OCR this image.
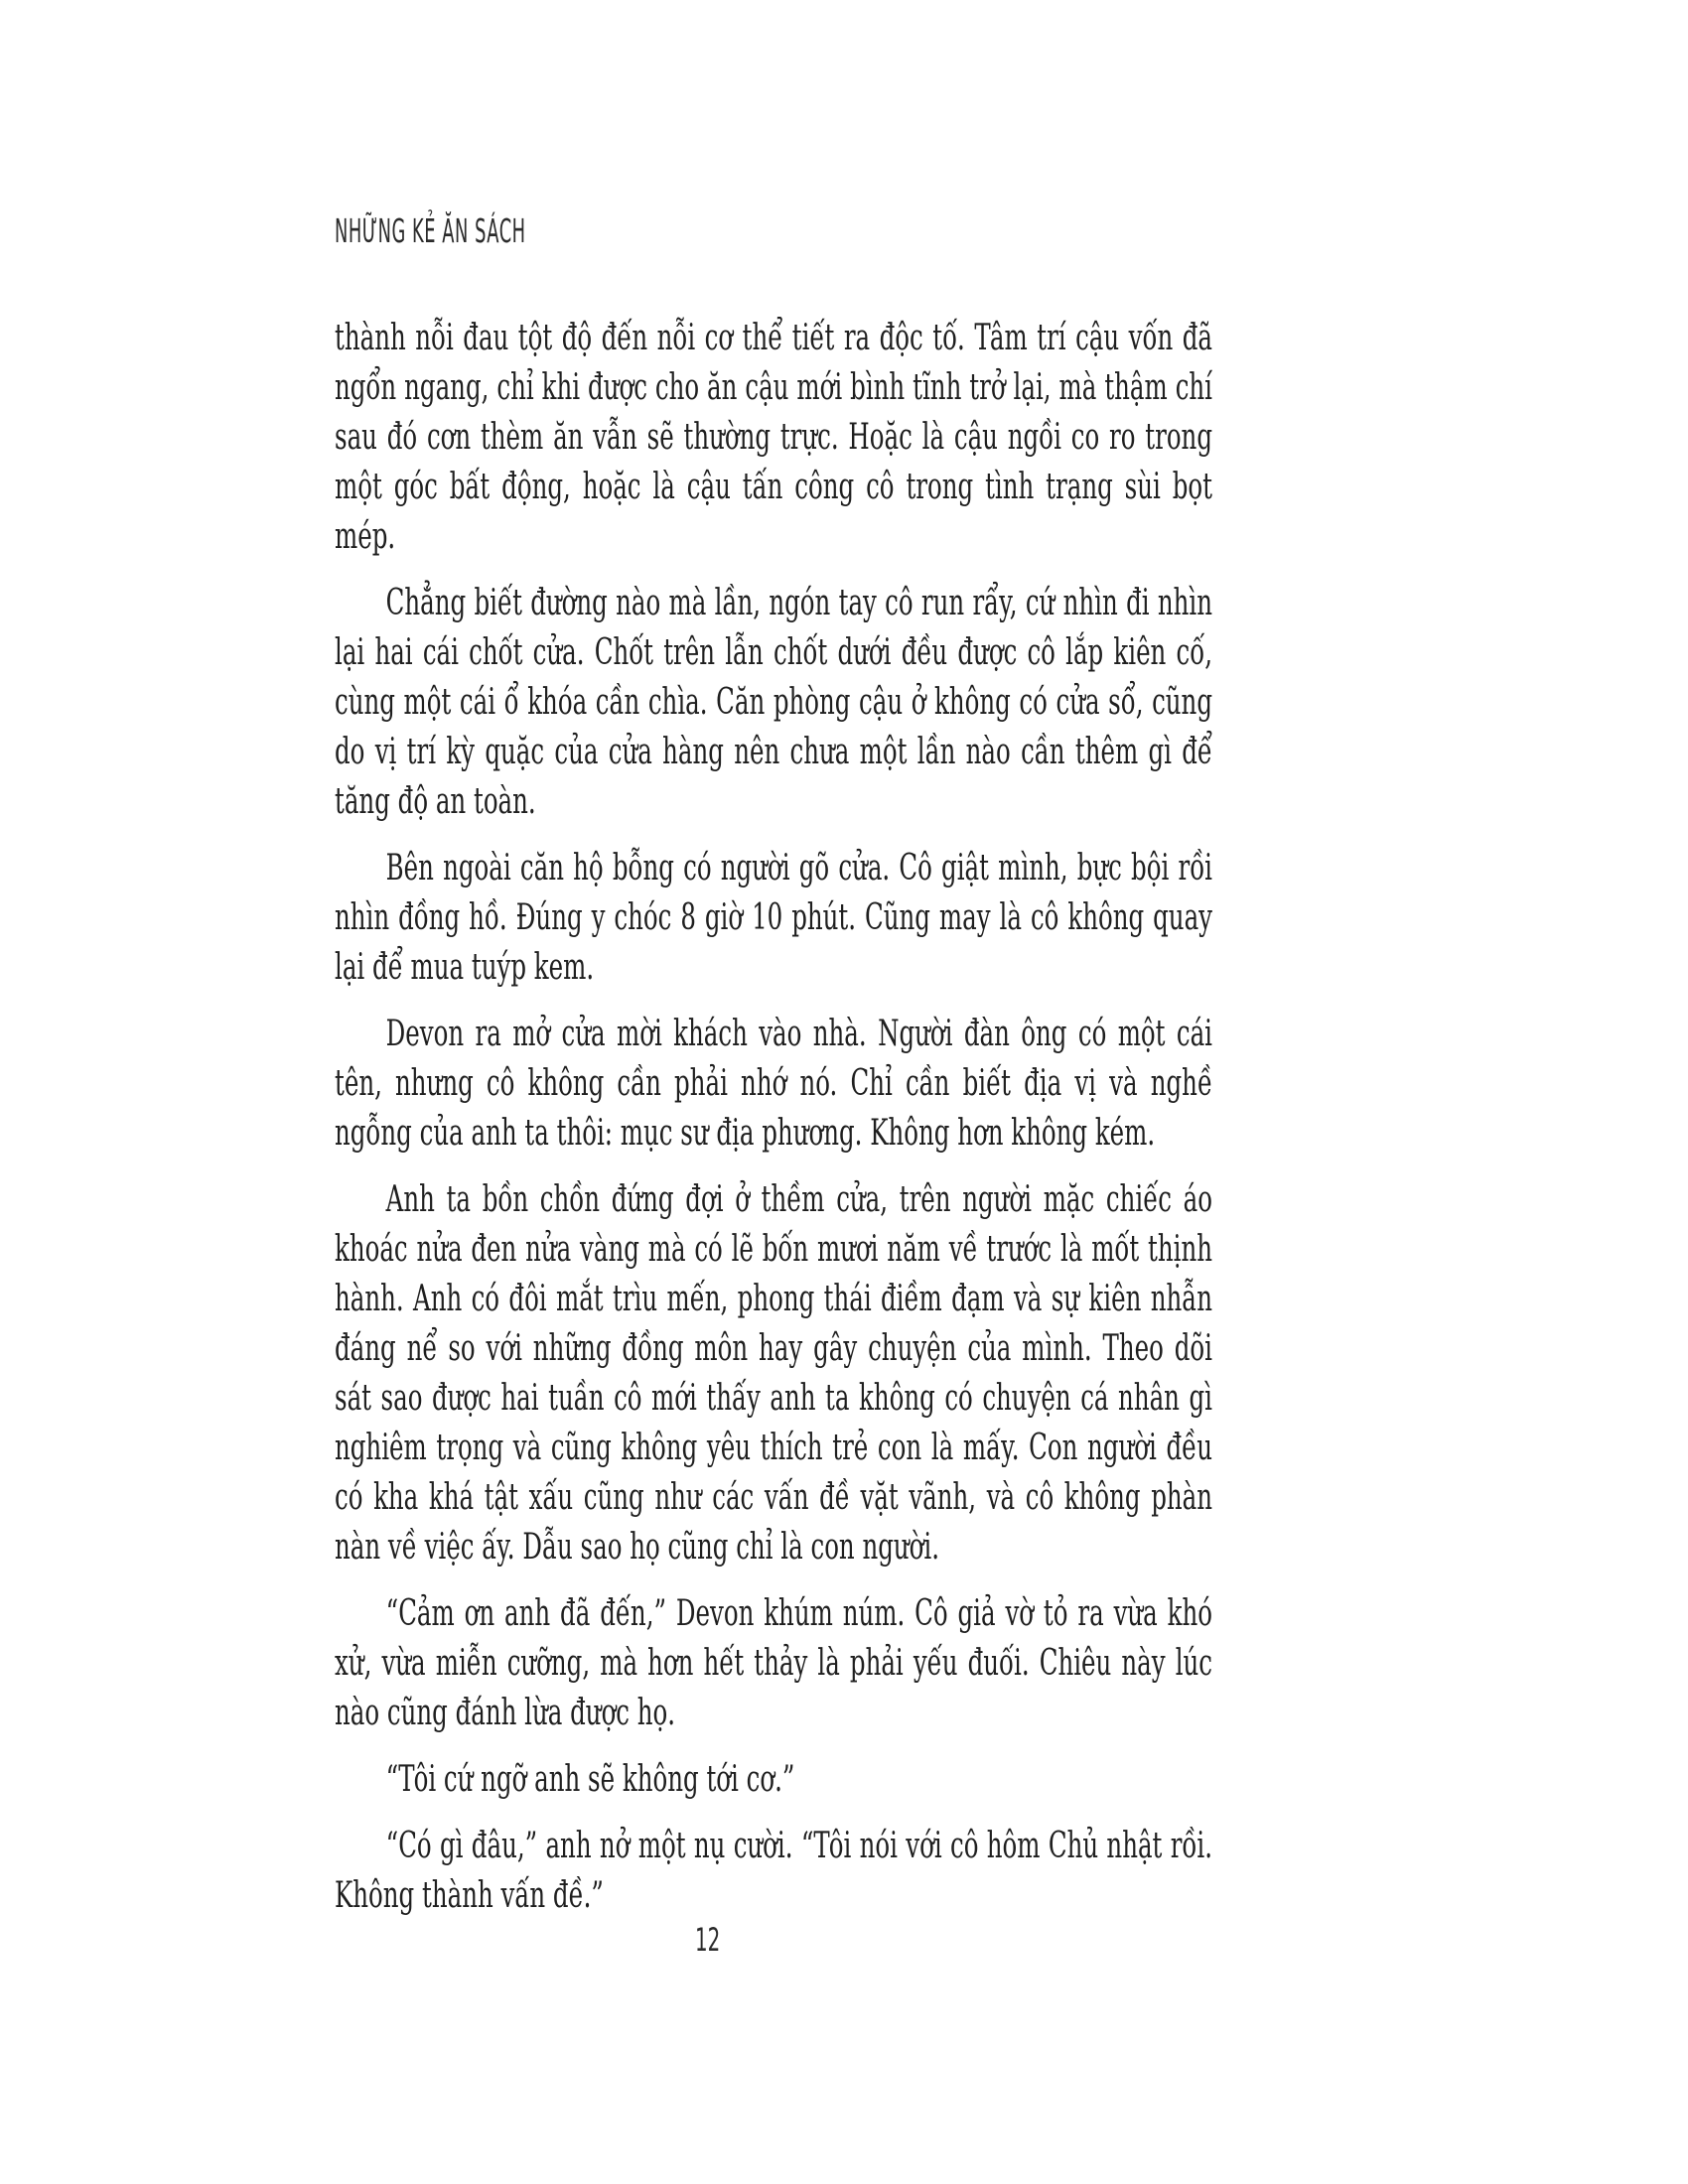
NHỮNG KẺ ĂN SÁCH

thành nỗi đau tột độ đến nỗi cơ thể tiết ra độc tố. Tâm trí cậu vốn đã ngổn ngang, chỉ khi được cho ăn cậu mới bình tĩnh trở lại, mà thậm chí sau đó cơn thèm ăn vẫn sẽ thường trực. Hoặc là cậu ngồi co ro trong một góc bất động, hoặc là cậu tấn công cô trong tình trạng sùi bọt mép.

Chẳng biết đường nào mà lần, ngón tay cô run rẩy, cứ nhìn đi nhìn lại hai cái chốt cửa. Chốt trên lẫn chốt dưới đều được cô lắp kiên cố, cùng một cái ổ khóa cần chìa. Căn phòng cậu ở không có cửa sổ, cũng do vị trí kỳ quặc của cửa hàng nên chưa một lần nào cần thêm gì để tăng độ an toàn.

Bên ngoài căn hộ bỗng có người gõ cửa. Cô giật mình, bực bội rồi nhìn đồng hồ. Đúng y chóc 8 giờ 10 phút. Cũng may là cô không quay lại để mua tuýp kem.

Devon ra mở cửa mời khách vào nhà. Người đàn ông có một cái tên, nhưng cô không cần phải nhớ nó. Chỉ cần biết địa vị và nghề ngỗng của anh ta thôi: mục sư địa phương. Không hơn không kém.

Anh ta bồn chồn đứng đợi ở thềm cửa, trên người mặc chiếc áo khoác nửa đen nửa vàng mà có lẽ bốn mươi năm về trước là mốt thịnh hành. Anh có đôi mắt trìu mến, phong thái điềm đạm và sự kiên nhẫn đáng nể so với những đồng môn hay gây chuyện của mình. Theo dõi sát sao được hai tuần cô mới thấy anh ta không có chuyện cá nhân gì nghiêm trọng và cũng không yêu thích trẻ con là mấy. Con người đều có kha khá tật xấu cũng như các vấn đề vặt vãnh, và cô không phàn nàn về việc ấy. Dẫu sao họ cũng chỉ là con người.

“Cảm ơn anh đã đến,” Devon khúm núm. Cô giả vờ tỏ ra vừa khó xử, vừa miễn cưỡng, mà hơn hết thảy là phải yếu đuối. Chiêu này lúc nào cũng đánh lừa được họ.

“Tôi cứ ngỡ anh sẽ không tới cơ.”

“Có gì đâu,” anh nở một nụ cười. “Tôi nói với cô hôm Chủ nhật rồi. Không thành vấn đề.”

12
